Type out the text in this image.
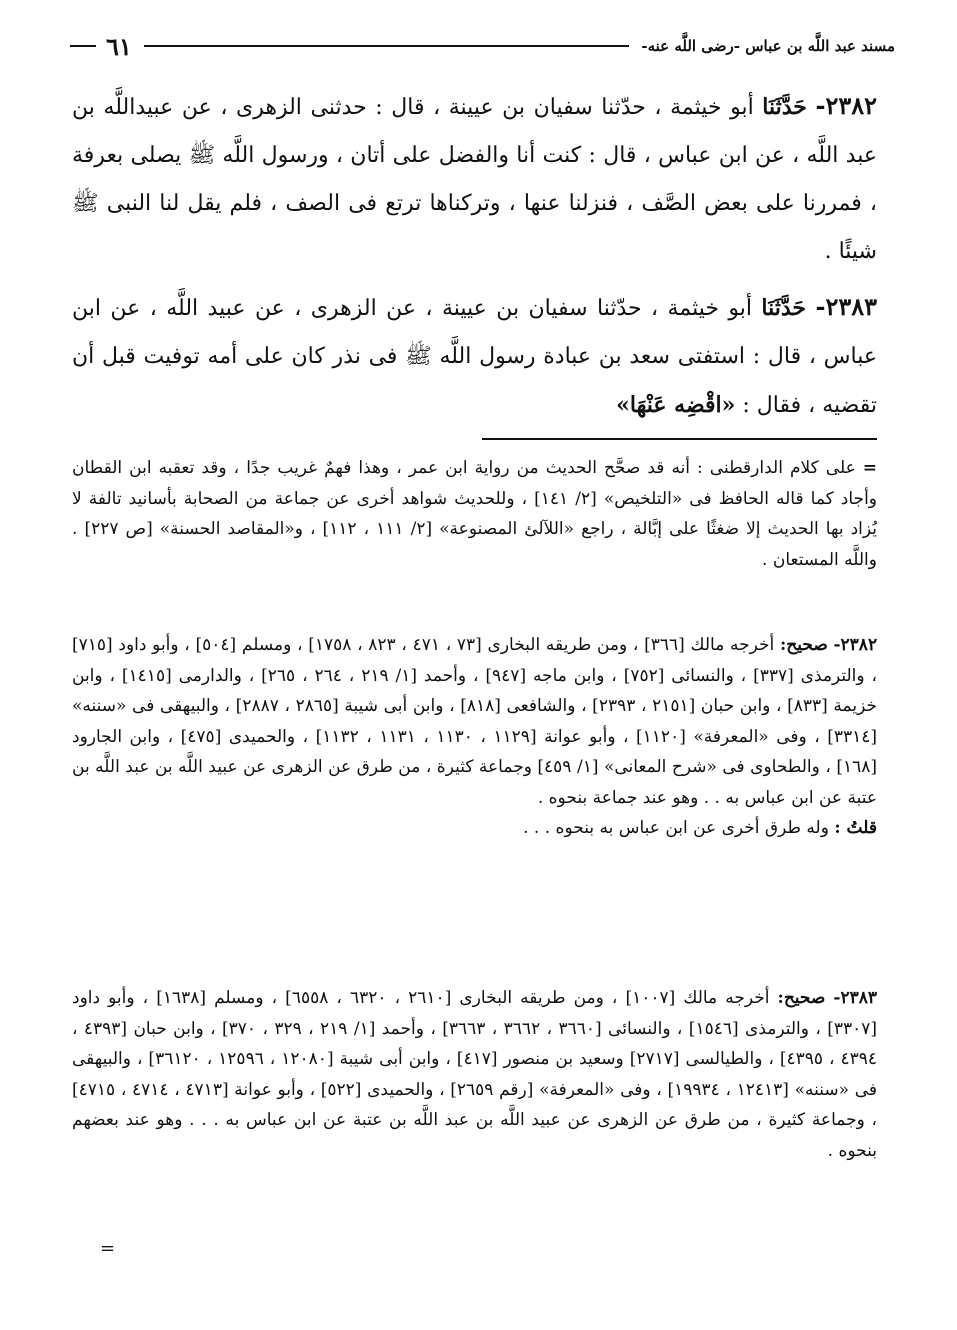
مسند عبد اللَّه بن عباس -رضى اللَّه عنه-
٦١
٢٣٨٢- حَدَّثَنَا أبو خيثمة ، حدّثنا سفيان بن عيينة ، قال : حدثنى الزهرى ، عن عبيداللَّه بن عبد اللَّه ، عن ابن عباس ، قال : كنت أنا والفضل على أتان ، ورسول اللَّه ﷺ يصلى بعرفة ، فمررنا على بعض الصَّف ، فنزلنا عنها ، وتركناها ترتع فى الصف ، فلم يقل لنا النبى ﷺ شيئًا .
٢٣٨٣- حَدَّثَنَا أبو خيثمة ، حدّثنا سفيان بن عيينة ، عن الزهرى ، عن عبيد اللَّه ، عن ابن عباس ، قال : استفتى سعد بن عبادة رسول اللَّه ﷺ فى نذر كان على أمه توفيت قبل أن تقضيه ، فقال : «اقْضِه عَنْهَا»
= على كلام الدارقطنى : أنه قد صحَّح الحديث من رواية ابن عمر ، وهذا فهمٌ غريب جدًا ، وقد تعقبه ابن القطان وأجاد كما قاله الحافظ فى «التلخيص» [٢/ ١٤١] ، وللحديث شواهد أخرى عن جماعة من الصحابة بأسانيد تالفة لا يُزاد بها الحديث إلا ضغثًا على إبَّالة ، راجع «اللآلئ المصنوعة» [٢/ ١١١ ، ١١٢] ، و«المقاصد الحسنة» [ص ٢٢٧] . واللَّه المستعان .
٢٣٨٢- صحيح: أخرجه مالك [٣٦٦] ، ومن طريقه البخارى [٧٣ ، ٤٧١ ، ٨٢٣ ، ١٧٥٨] ، ومسلم [٥٠٤] ، وأبو داود [٧١٥] ، والترمذى [٣٣٧] ، والنسائى [٧٥٢] ، وابن ماجه [٩٤٧] ، وأحمد [١/ ٢١٩ ، ٢٦٤ ، ٢٦٥] ، والدارمى [١٤١٥] ، وابن خزيمة [٨٣٣] ، وابن حبان [٢١٥١ ، ٢٣٩٣] ، والشافعى [٨١٨] ، وابن أبى شيبة [٢٨٦٥ ، ٢٨٨٧] ، والبيهقى فى «سننه» [٣٣١٤] ، وفى «المعرفة» [١١٢٠] ، وأبو عوانة [١١٢٩ ، ١١٣٠ ، ١١٣١ ، ١١٣٢] ، والحميدى [٤٧٥] ، وابن الجارود [١٦٨] ، والطحاوى فى «شرح المعانى» [١/ ٤٥٩] وجماعة كثيرة ، من طرق عن الزهرى عن عبيد اللَّه بن عبد اللَّه بن عتبة عن ابن عباس به . . وهو عند جماعة بنحوه .
قلتُ : وله طرق أخرى عن ابن عباس به بنحوه . . .
٢٣٨٣- صحيح: أخرجه مالك [١٠٠٧] ، ومن طريقه البخارى [٢٦١٠ ، ٦٣٢٠ ، ٦٥٥٨] ، ومسلم [١٦٣٨] ، وأبو داود [٣٣٠٧] ، والترمذى [١٥٤٦] ، والنسائى [٣٦٦٠ ، ٣٦٦٢ ، ٣٦٦٣] ، وأحمد [١/ ٢١٩ ، ٣٢٩ ، ٣٧٠] ، وابن حبان [٤٣٩٣ ، ٤٣٩٤ ، ٤٣٩٥] ، والطيالسى [٢٧١٧] وسعيد بن منصور [٤١٧] ، وابن أبى شيبة [١٢٠٨٠ ، ١٢٥٩٦ ، ٣٦١٢٠] ، والبيهقى فى «سننه» [١٢٤١٣ ، ١٩٩٣٤] ، وفى «المعرفة» [رقم ٢٦٥٩] ، والحميدى [٥٢٢] ، وأبو عوانة [٤٧١٣ ، ٤٧١٤ ، ٤٧١٥] ، وجماعة كثيرة ، من طرق عن الزهرى عن عبيد اللَّه بن عبد اللَّه بن عتبة عن ابن عباس به . . . وهو عند بعضهم بنحوه .
=
